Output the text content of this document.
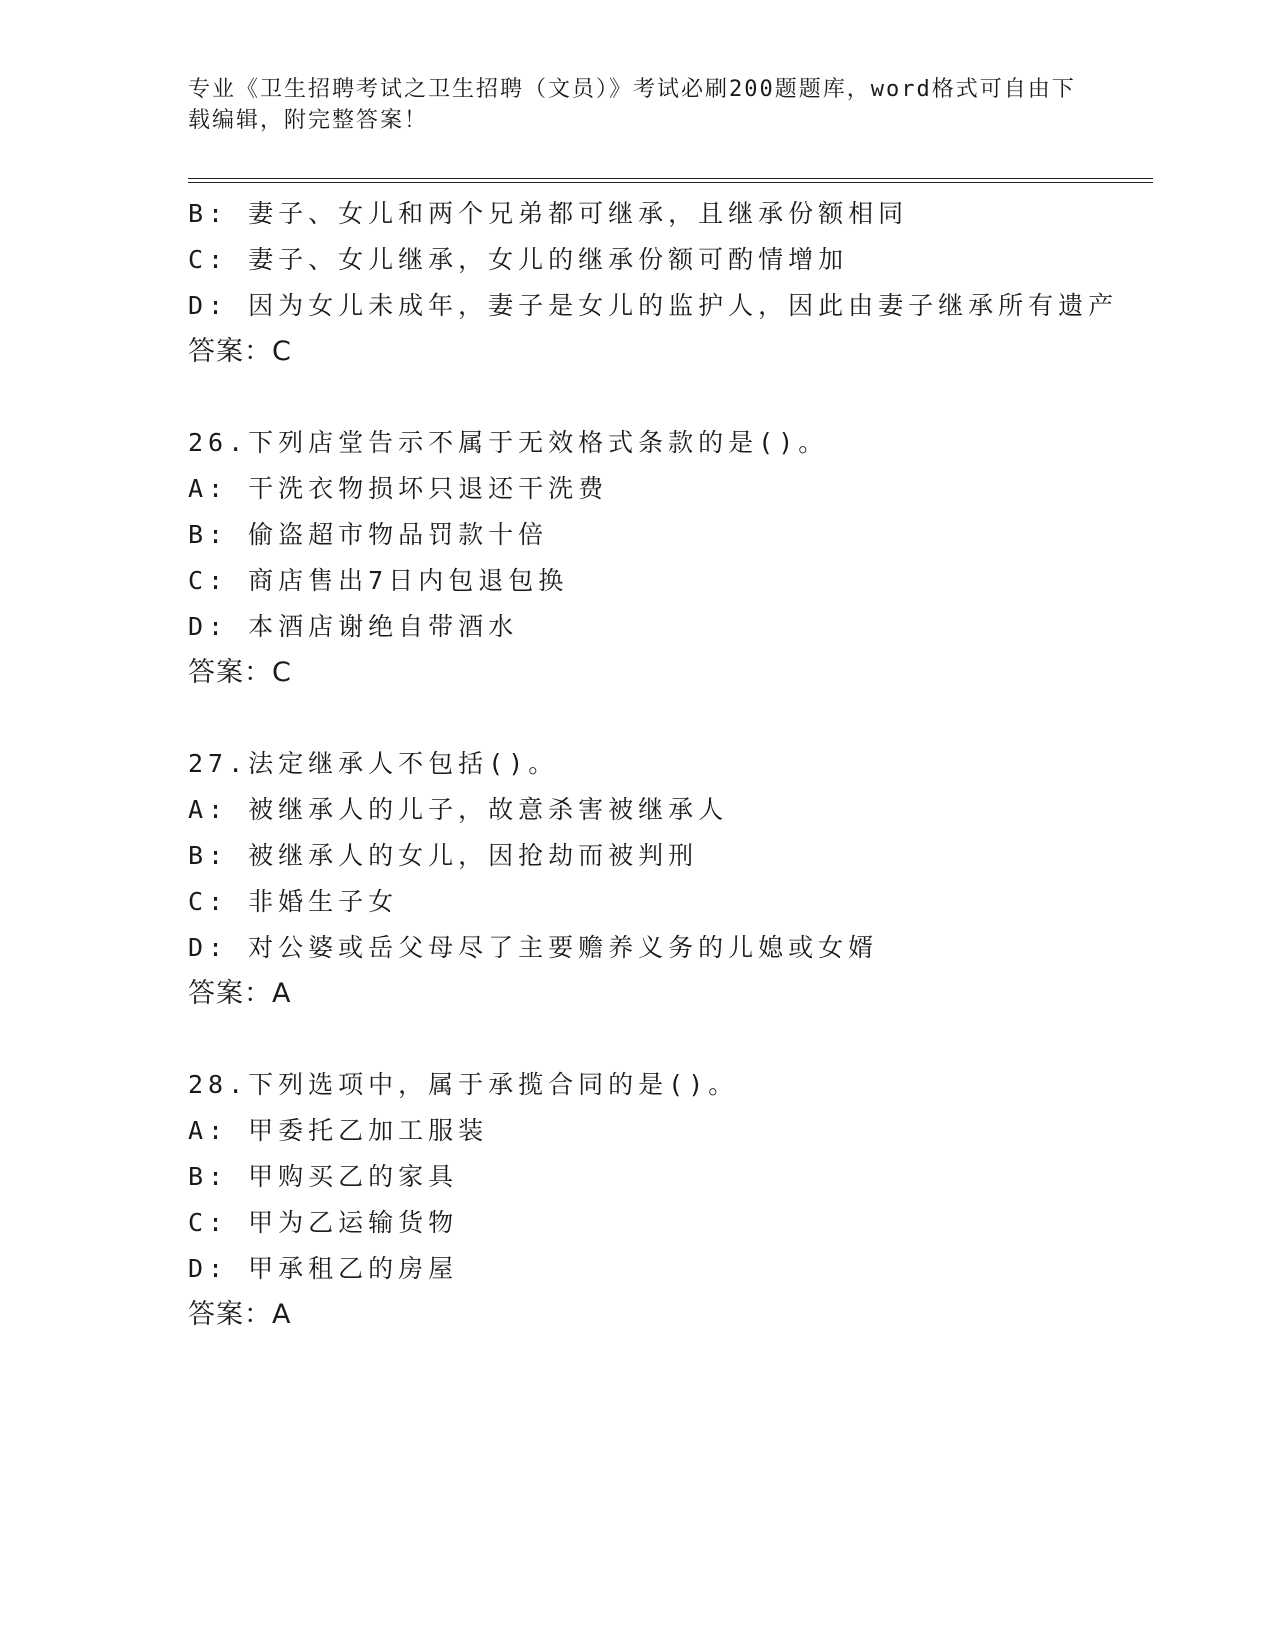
专业《卫生招聘考试之卫生招聘（文员）》考试必刷200题题库，word格式可自由下载编辑，附完整答案！
B: 妻子、女儿和两个兄弟都可继承，且继承份额相同
C: 妻子、女儿继承，女儿的继承份额可酌情增加
D: 因为女儿未成年，妻子是女儿的监护人，因此由妻子继承所有遗产
答案：C
26.下列店堂告示不属于无效格式条款的是()。
A: 干洗衣物损坏只退还干洗费
B: 偷盗超市物品罚款十倍
C: 商店售出7日内包退包换
D: 本酒店谢绝自带酒水
答案：C
27.法定继承人不包括()。
A: 被继承人的儿子，故意杀害被继承人
B: 被继承人的女儿，因抢劫而被判刑
C: 非婚生子女
D: 对公婆或岳父母尽了主要赡养义务的儿媳或女婿
答案：A
28.下列选项中，属于承揽合同的是()。
A: 甲委托乙加工服装
B: 甲购买乙的家具
C: 甲为乙运输货物
D: 甲承租乙的房屋
答案：A
